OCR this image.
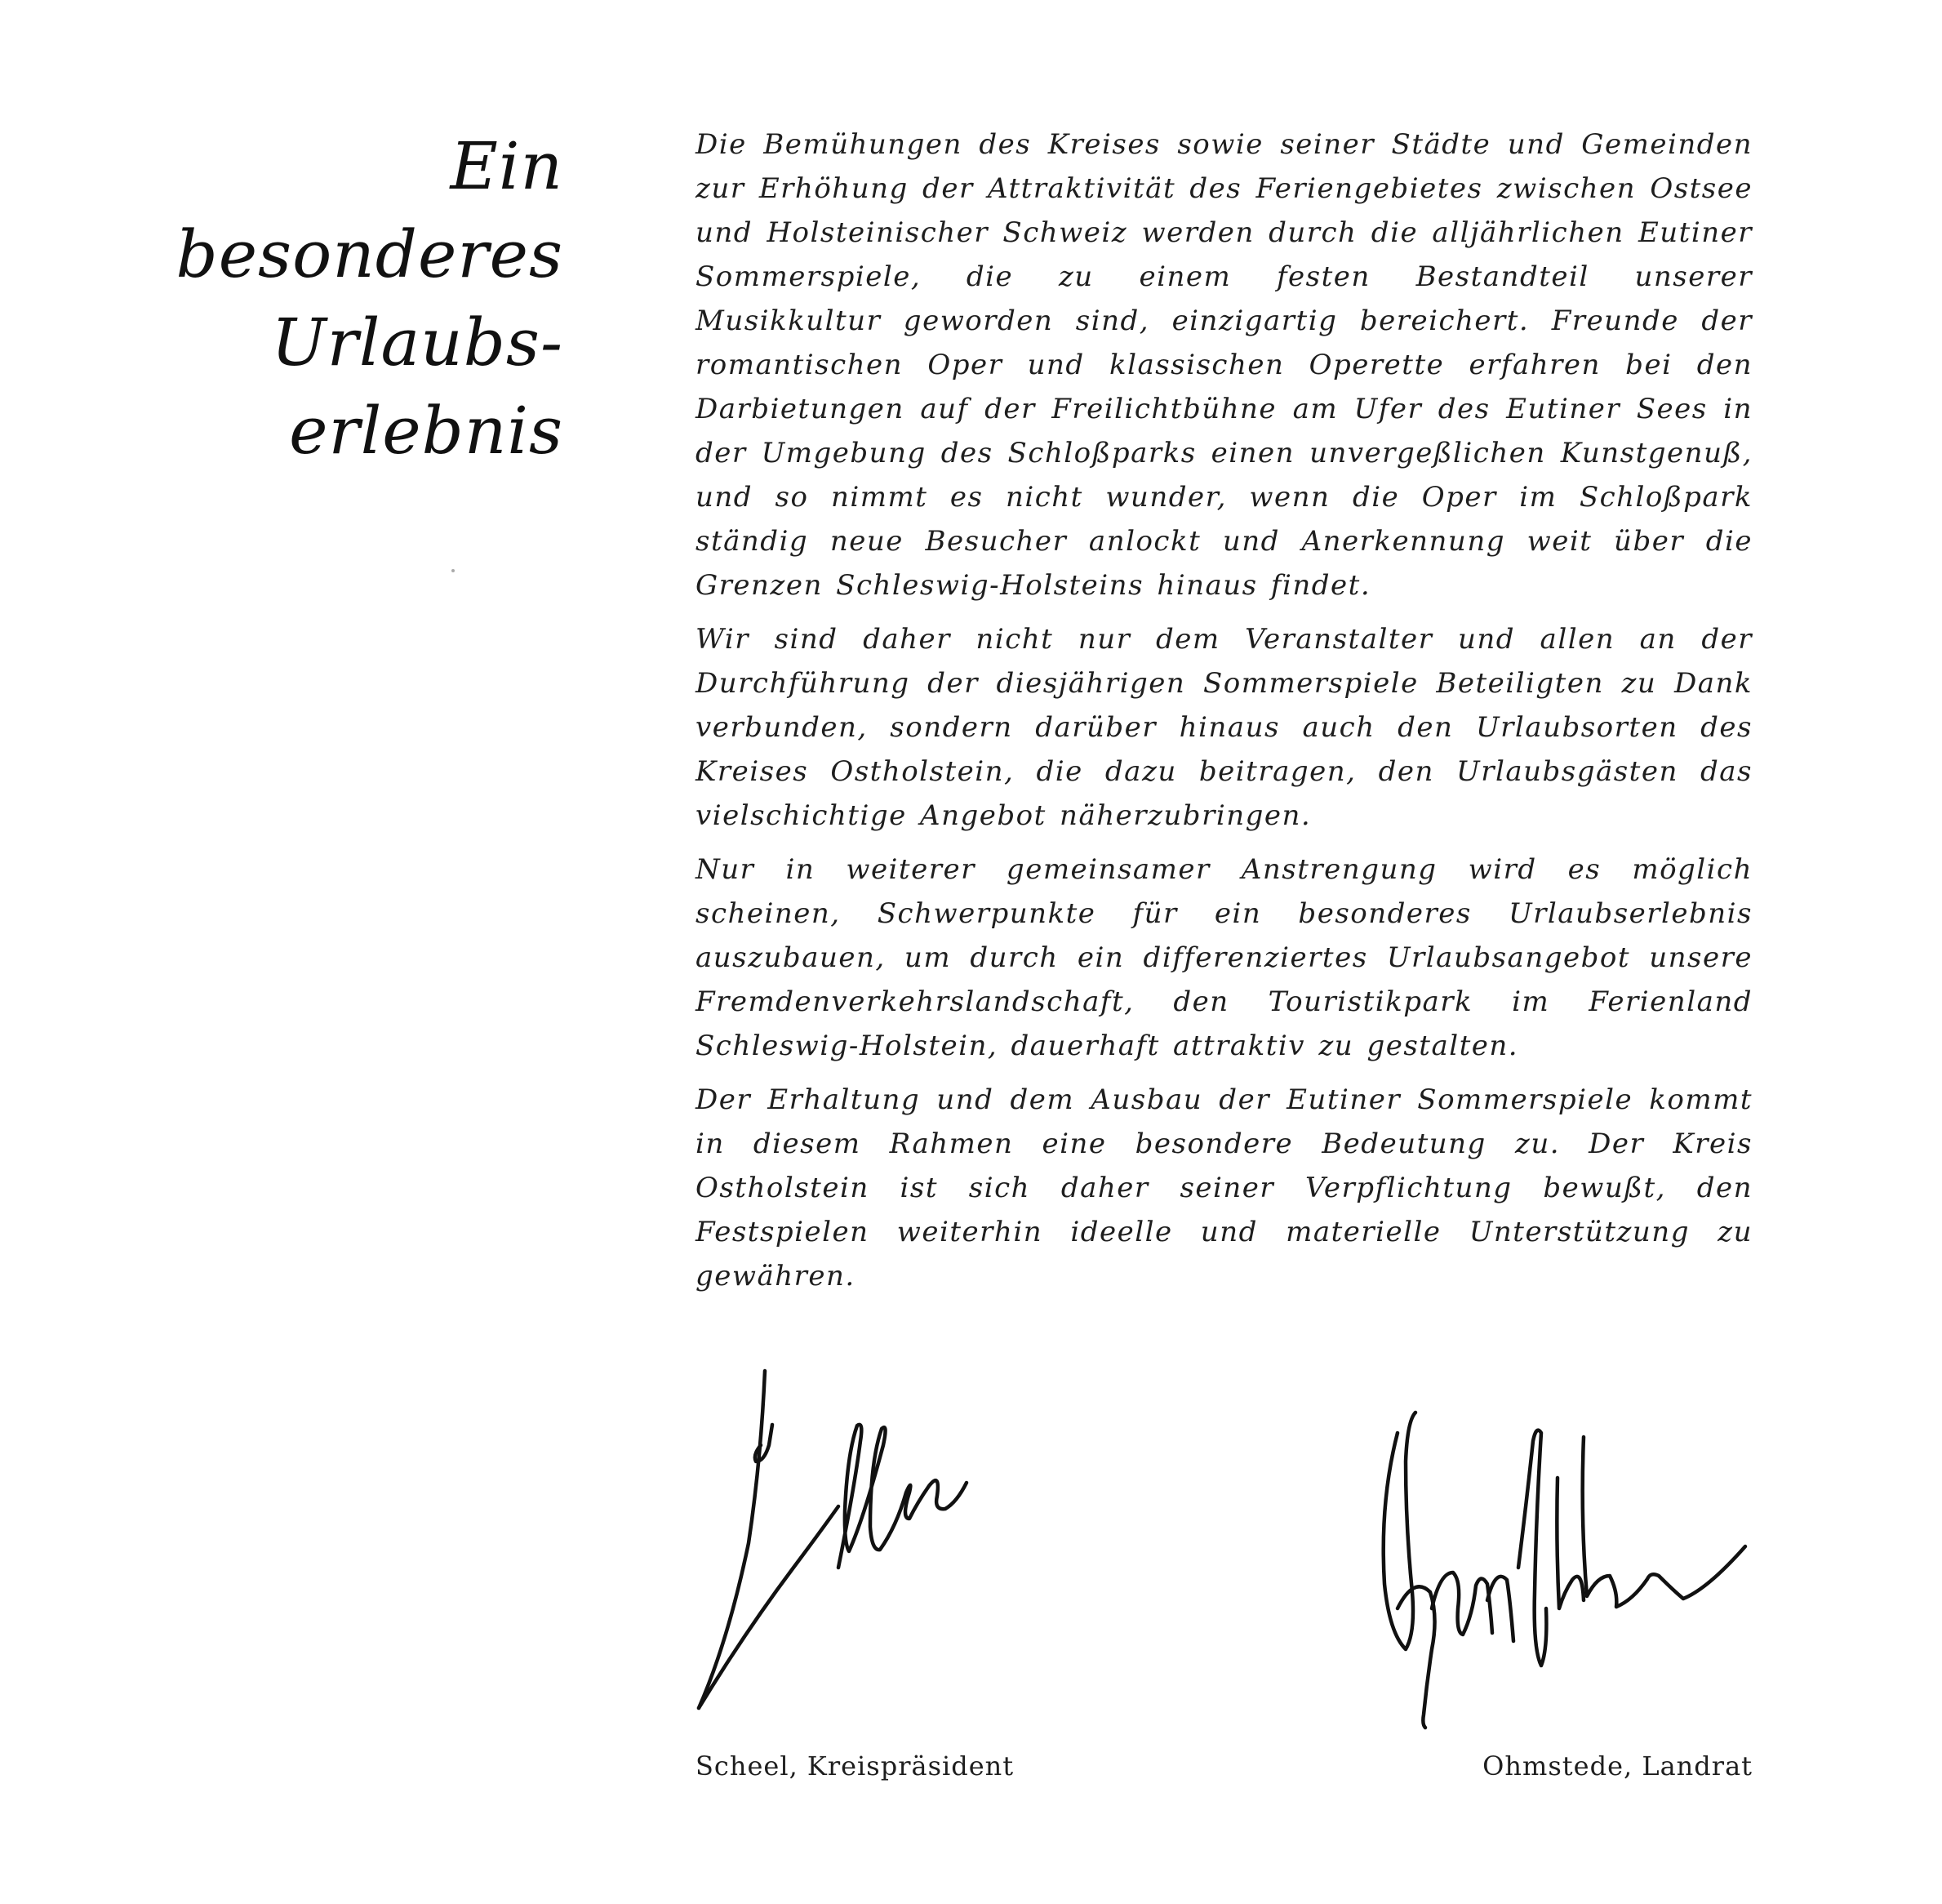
Ein
besonderes
Urlaubs-
erlebnis

Die Bemühungen des Kreises sowie seiner Städte und Gemeinden zur Erhöhung der Attraktivität des Feriengebietes zwischen Ostsee und Holsteinischer Schweiz werden durch die alljährlichen Eutiner Sommerspiele, die zu einem festen Bestandteil unserer Musikkultur geworden sind, einzigartig bereichert. Freunde der romantischen Oper und klassischen Operette erfahren bei den Darbietungen auf der Freilichtbühne am Ufer des Eutiner Sees in der Umgebung des Schloßparks einen unvergeßlichen Kunstgenuß, und so nimmt es nicht wunder, wenn die Oper im Schloßpark ständig neue Besucher anlockt und Anerkennung weit über die Grenzen Schleswig-Holsteins hinaus findet.

Wir sind daher nicht nur dem Veranstalter und allen an der Durchführung der diesjährigen Sommerspiele Beteiligten zu Dank verbunden, sondern darüber hinaus auch den Urlaubsorten des Kreises Ostholstein, die dazu beitragen, den Urlaubsgästen das vielschichtige Angebot näherzubringen.

Nur in weiterer gemeinsamer Anstrengung wird es möglich scheinen, Schwerpunkte für ein besonderes Urlaubserlebnis auszubauen, um durch ein differenziertes Urlaubsangebot unsere Fremdenverkehrslandschaft, den Touristikpark im Ferienland Schleswig-Holstein, dauerhaft attraktiv zu gestalten.

Der Erhaltung und dem Ausbau der Eutiner Sommerspiele kommt in diesem Rahmen eine besondere Bedeutung zu. Der Kreis Ostholstein ist sich daher seiner Verpflichtung bewußt, den Festspielen weiterhin ideelle und materielle Unterstützung zu gewähren.

Scheel, Kreispräsident	Ohmstede, Landrat
